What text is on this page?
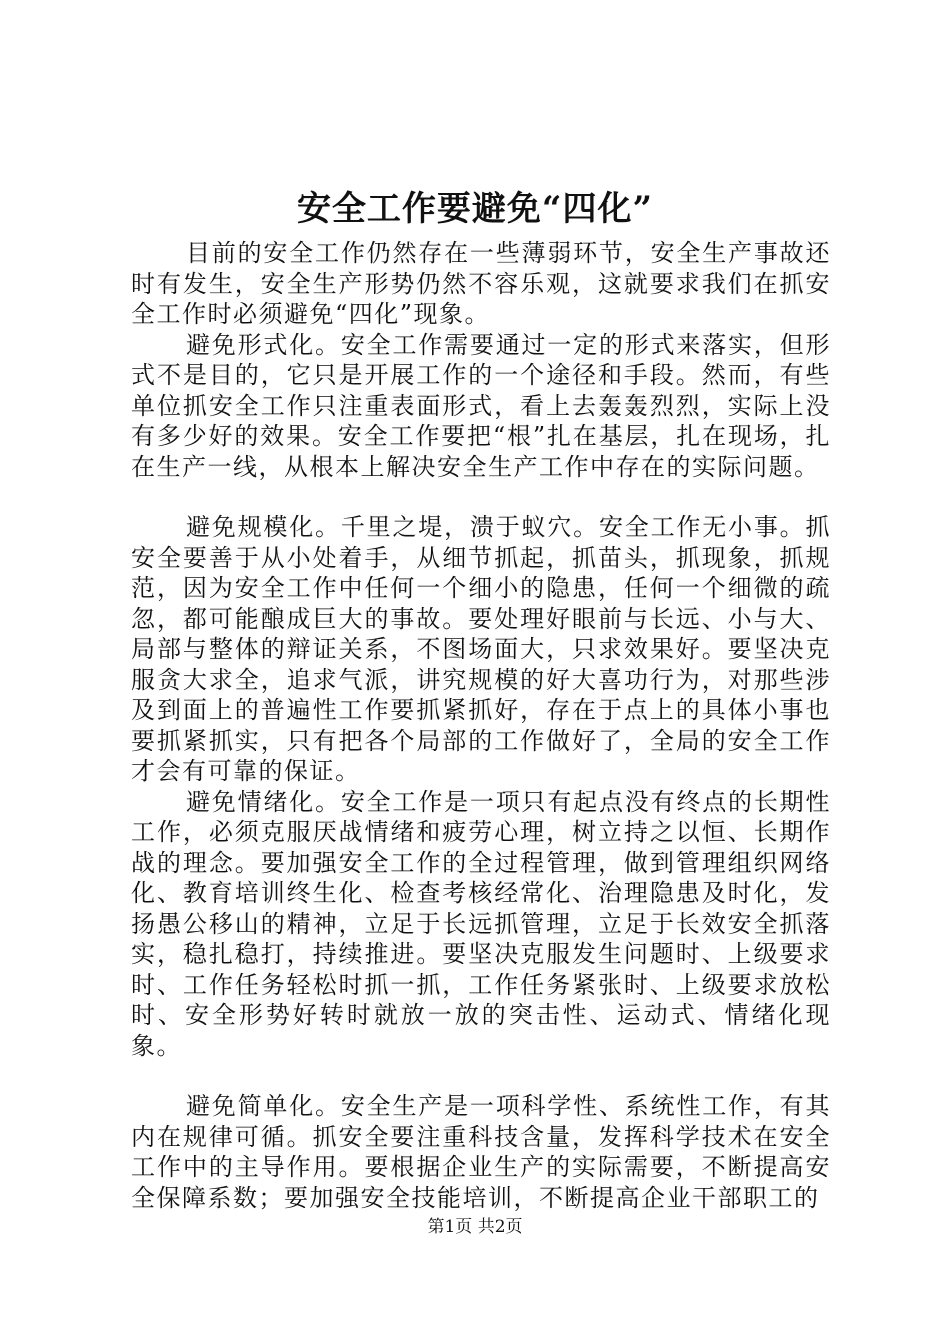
安全工作要避免“四化”

目前的安全工作仍然存在一些薄弱环节，安全生产事故还时有发生，安全生产形势仍然不容乐观，这就要求我们在抓安全工作时必须避免“四化”现象。

避免形式化。安全工作需要通过一定的形式来落实，但形式不是目的，它只是开展工作的一个途径和手段。然而，有些单位抓安全工作只注重表面形式，看上去轰轰烈烈，实际上没有多少好的效果。安全工作要把“根”扎在基层，扎在现场，扎在生产一线，从根本上解决安全生产工作中存在的实际问题。

避免规模化。千里之堤，溃于蚁穴。安全工作无小事。抓安全要善于从小处着手，从细节抓起，抓苗头，抓现象，抓规范，因为安全工作中任何一个细小的隐患，任何一个细微的疏忽，都可能酿成巨大的事故。要处理好眼前与长远、小与大、局部与整体的辩证关系，不图场面大，只求效果好。要坚决克服贪大求全，追求气派，讲究规模的好大喜功行为，对那些涉及到面上的普遍性工作要抓紧抓好，存在于点上的具体小事也要抓紧抓实，只有把各个局部的工作做好了，全局的安全工作才会有可靠的保证。

避免情绪化。安全工作是一项只有起点没有终点的长期性工作，必须克服厌战情绪和疲劳心理，树立持之以恒、长期作战的理念。要加强安全工作的全过程管理，做到管理组织网络化、教育培训终生化、检查考核经常化、治理隐患及时化，发扬愚公移山的精神，立足于长远抓管理，立足于长效安全抓落实，稳扎稳打，持续推进。要坚决克服发生问题时、上级要求时、工作任务轻松时抓一抓，工作任务紧张时、上级要求放松时、安全形势好转时就放一放的突击性、运动式、情绪化现象。

避免简单化。安全生产是一项科学性、系统性工作，有其内在规律可循。抓安全要注重科技含量，发挥科学技术在安全工作中的主导作用。要根据企业生产的实际需要，不断提高安全保障系数；要加强安全技能培训，不断提高企业干部职工的

第1页 共2页
